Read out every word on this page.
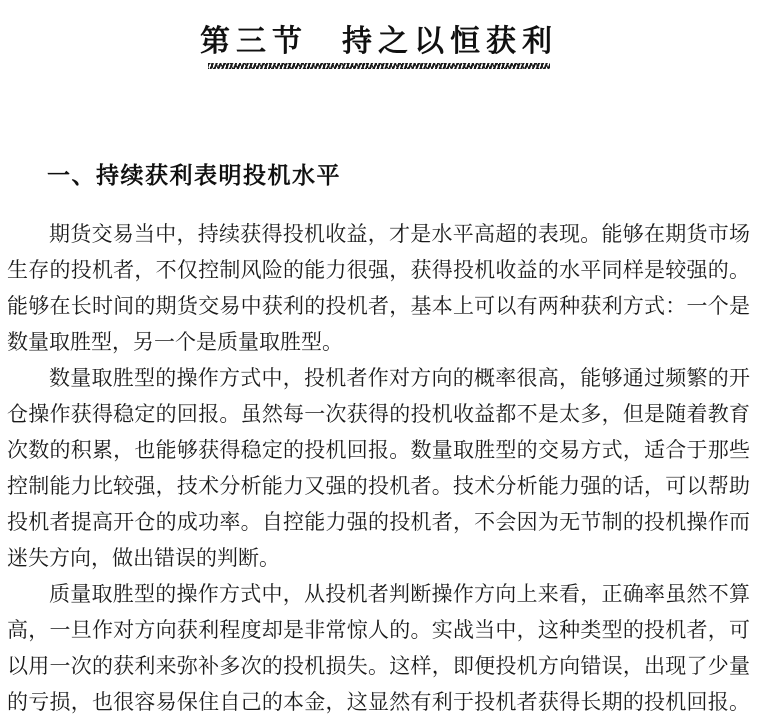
第三节 持之以恒获利
一、持续获利表明投机水平
期货交易当中，持续获得投机收益，才是水平高超的表现。能够在期货市场
生存的投机者，不仅控制风险的能力很强，获得投机收益的水平同样是较强的。
能够在长时间的期货交易中获利的投机者，基本上可以有两种获利方式：一个是
数量取胜型，另一个是质量取胜型。
数量取胜型的操作方式中，投机者作对方向的概率很高，能够通过频繁的开
仓操作获得稳定的回报。虽然每一次获得的投机收益都不是太多，但是随着教育
次数的积累，也能够获得稳定的投机回报。数量取胜型的交易方式，适合于那些
控制能力比较强，技术分析能力又强的投机者。技术分析能力强的话，可以帮助
投机者提高开仓的成功率。自控能力强的投机者，不会因为无节制的投机操作而
迷失方向，做出错误的判断。
质量取胜型的操作方式中，从投机者判断操作方向上来看，正确率虽然不算
高，一旦作对方向获利程度却是非常惊人的。实战当中，这种类型的投机者，可
以用一次的获利来弥补多次的投机损失。这样，即便投机方向错误，出现了少量
的亏损，也很容易保住自己的本金，这显然有利于投机者获得长期的投机回报。
